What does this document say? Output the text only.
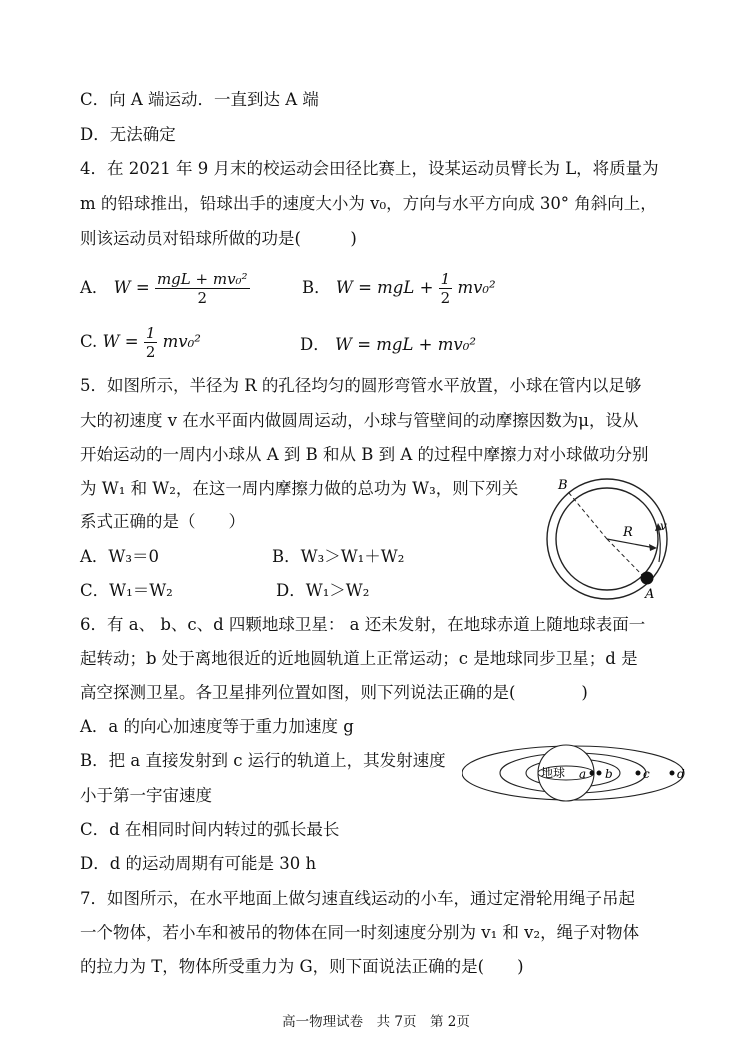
C．向 A 端运动．一直到达 A 端
D．无法确定
4．在 2021 年 9 月末的校运动会田径比赛上，设某运动员臂长为 L，将质量为
m 的铅球推出，铅球出手的速度大小为 v₀，方向与水平方向成 30° 角斜向上，
则该运动员对铅球所做的功是(　　　)
A． $W = \frac{\text{mgL + mv₀²}}{2}$	B． W = mgL + $\frac{1}{2} mv_0^2$
C. $W = \frac{1}{2} mv_0^2$	D． W = mgL + mv₀²
5．如图所示，半径为 R 的孔径均匀的圆形弯管水平放置，小球在管内以足够
大的初速度 v 在水平面内做圆周运动，小球与管壁间的动摩擦因数为μ，设从
开始运动的一周内小球从 A 到 B 和从 B 到 A 的过程中摩擦力对小球做功分别
为 W₁ 和 W₂，在这一周内摩擦力做的总功为 W₃，则下列关
系式正确的是（　　）
A．W₃＝0	B．W₃＞W₁＋W₂
C．W₁＝W₂	D．W₁＞W₂
B
R v
A
6．有 a、 b、c、d 四颗地球卫星： a 还未发射，在地球赤道上随地球表面一
起转动；b 处于离地很近的近地圆轨道上正常运动；c 是地球同步卫星；d 是
高空探测卫星。各卫星排列位置如图，则下列说法正确的是(　　　　)
A．a 的向心加速度等于重力加速度 g
B．把 a 直接发射到 c 运行的轨道上，其发射速度
小于第一宇宙速度
C．d 在相同时间内转过的弧长最长
D．d 的运动周期有可能是 30 h
地球 a b	c d
7．如图所示，在水平地面上做匀速直线运动的小车，通过定滑轮用绳子吊起
一个物体，若小车和被吊的物体在同一时刻速度分别为 v₁ 和 v₂，绳子对物体
的拉力为 T，物体所受重力为 G，则下面说法正确的是(　　)
高一物理试卷　共 7页　第 2页
